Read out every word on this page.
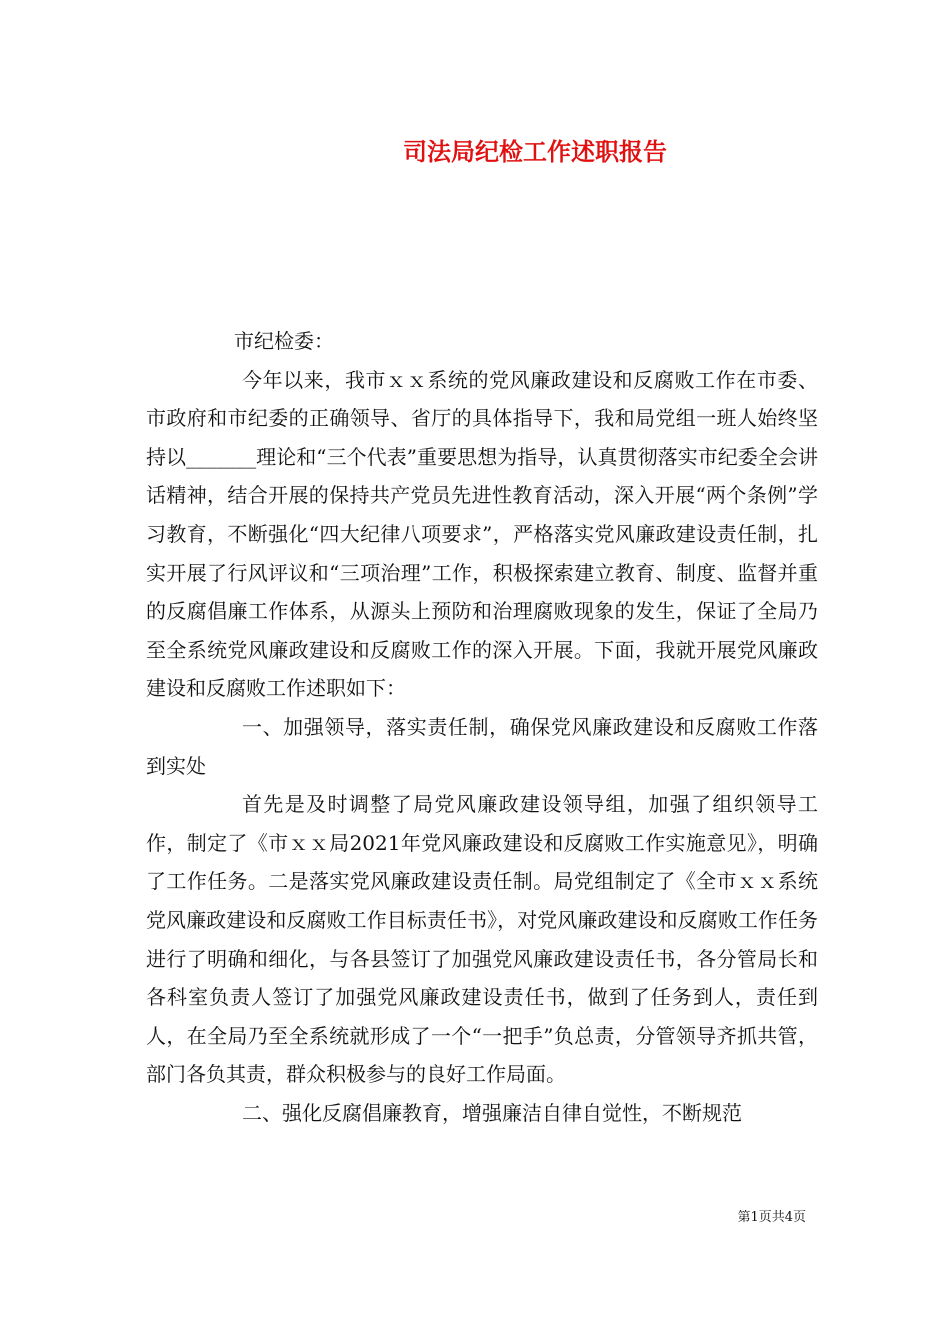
司法局纪检工作述职报告
市纪检委：

今年以来，我市ｘｘ系统的党风廉政建设和反腐败工作在市委、市政府和市纪委的正确领导、省厅的具体指导下，我和局党组一班人始终坚持以_______理论和“三个代表”重要思想为指导，认真贯彻落实市纪委全会讲话精神，结合开展的保持共产党员先进性教育活动，深入开展“两个条例”学习教育，不断强化“四大纪律八项要求”，严格落实党风廉政建设责任制，扎实开展了行风评议和“三项治理”工作，积极探索建立教育、制度、监督并重的反腐倡廉工作体系，从源头上预防和治理腐败现象的发生，保证了全局乃至全系统党风廉政建设和反腐败工作的深入开展。下面，我就开展党风廉政建设和反腐败工作述职如下：

一、加强领导，落实责任制，确保党风廉政建设和反腐败工作落到实处

首先是及时调整了局党风廉政建设领导组，加强了组织领导工作，制定了《市ｘｘ局2021年党风廉政建设和反腐败工作实施意见》，明确了工作任务。二是落实党风廉政建设责任制。局党组制定了《全市ｘｘ系统党风廉政建设和反腐败工作目标责任书》，对党风廉政建设和反腐败工作任务进行了明确和细化，与各县签订了加强党风廉政建设责任书，各分管局长和各科室负责人签订了加强党风廉政建设责任书，做到了任务到人，责任到人，在全局乃至全系统就形成了一个“一把手”负总责，分管领导齐抓共管，部门各负其责，群众积极参与的良好工作局面。

二、强化反腐倡廉教育，增强廉洁自律自觉性，不断规范

第1页共4页
